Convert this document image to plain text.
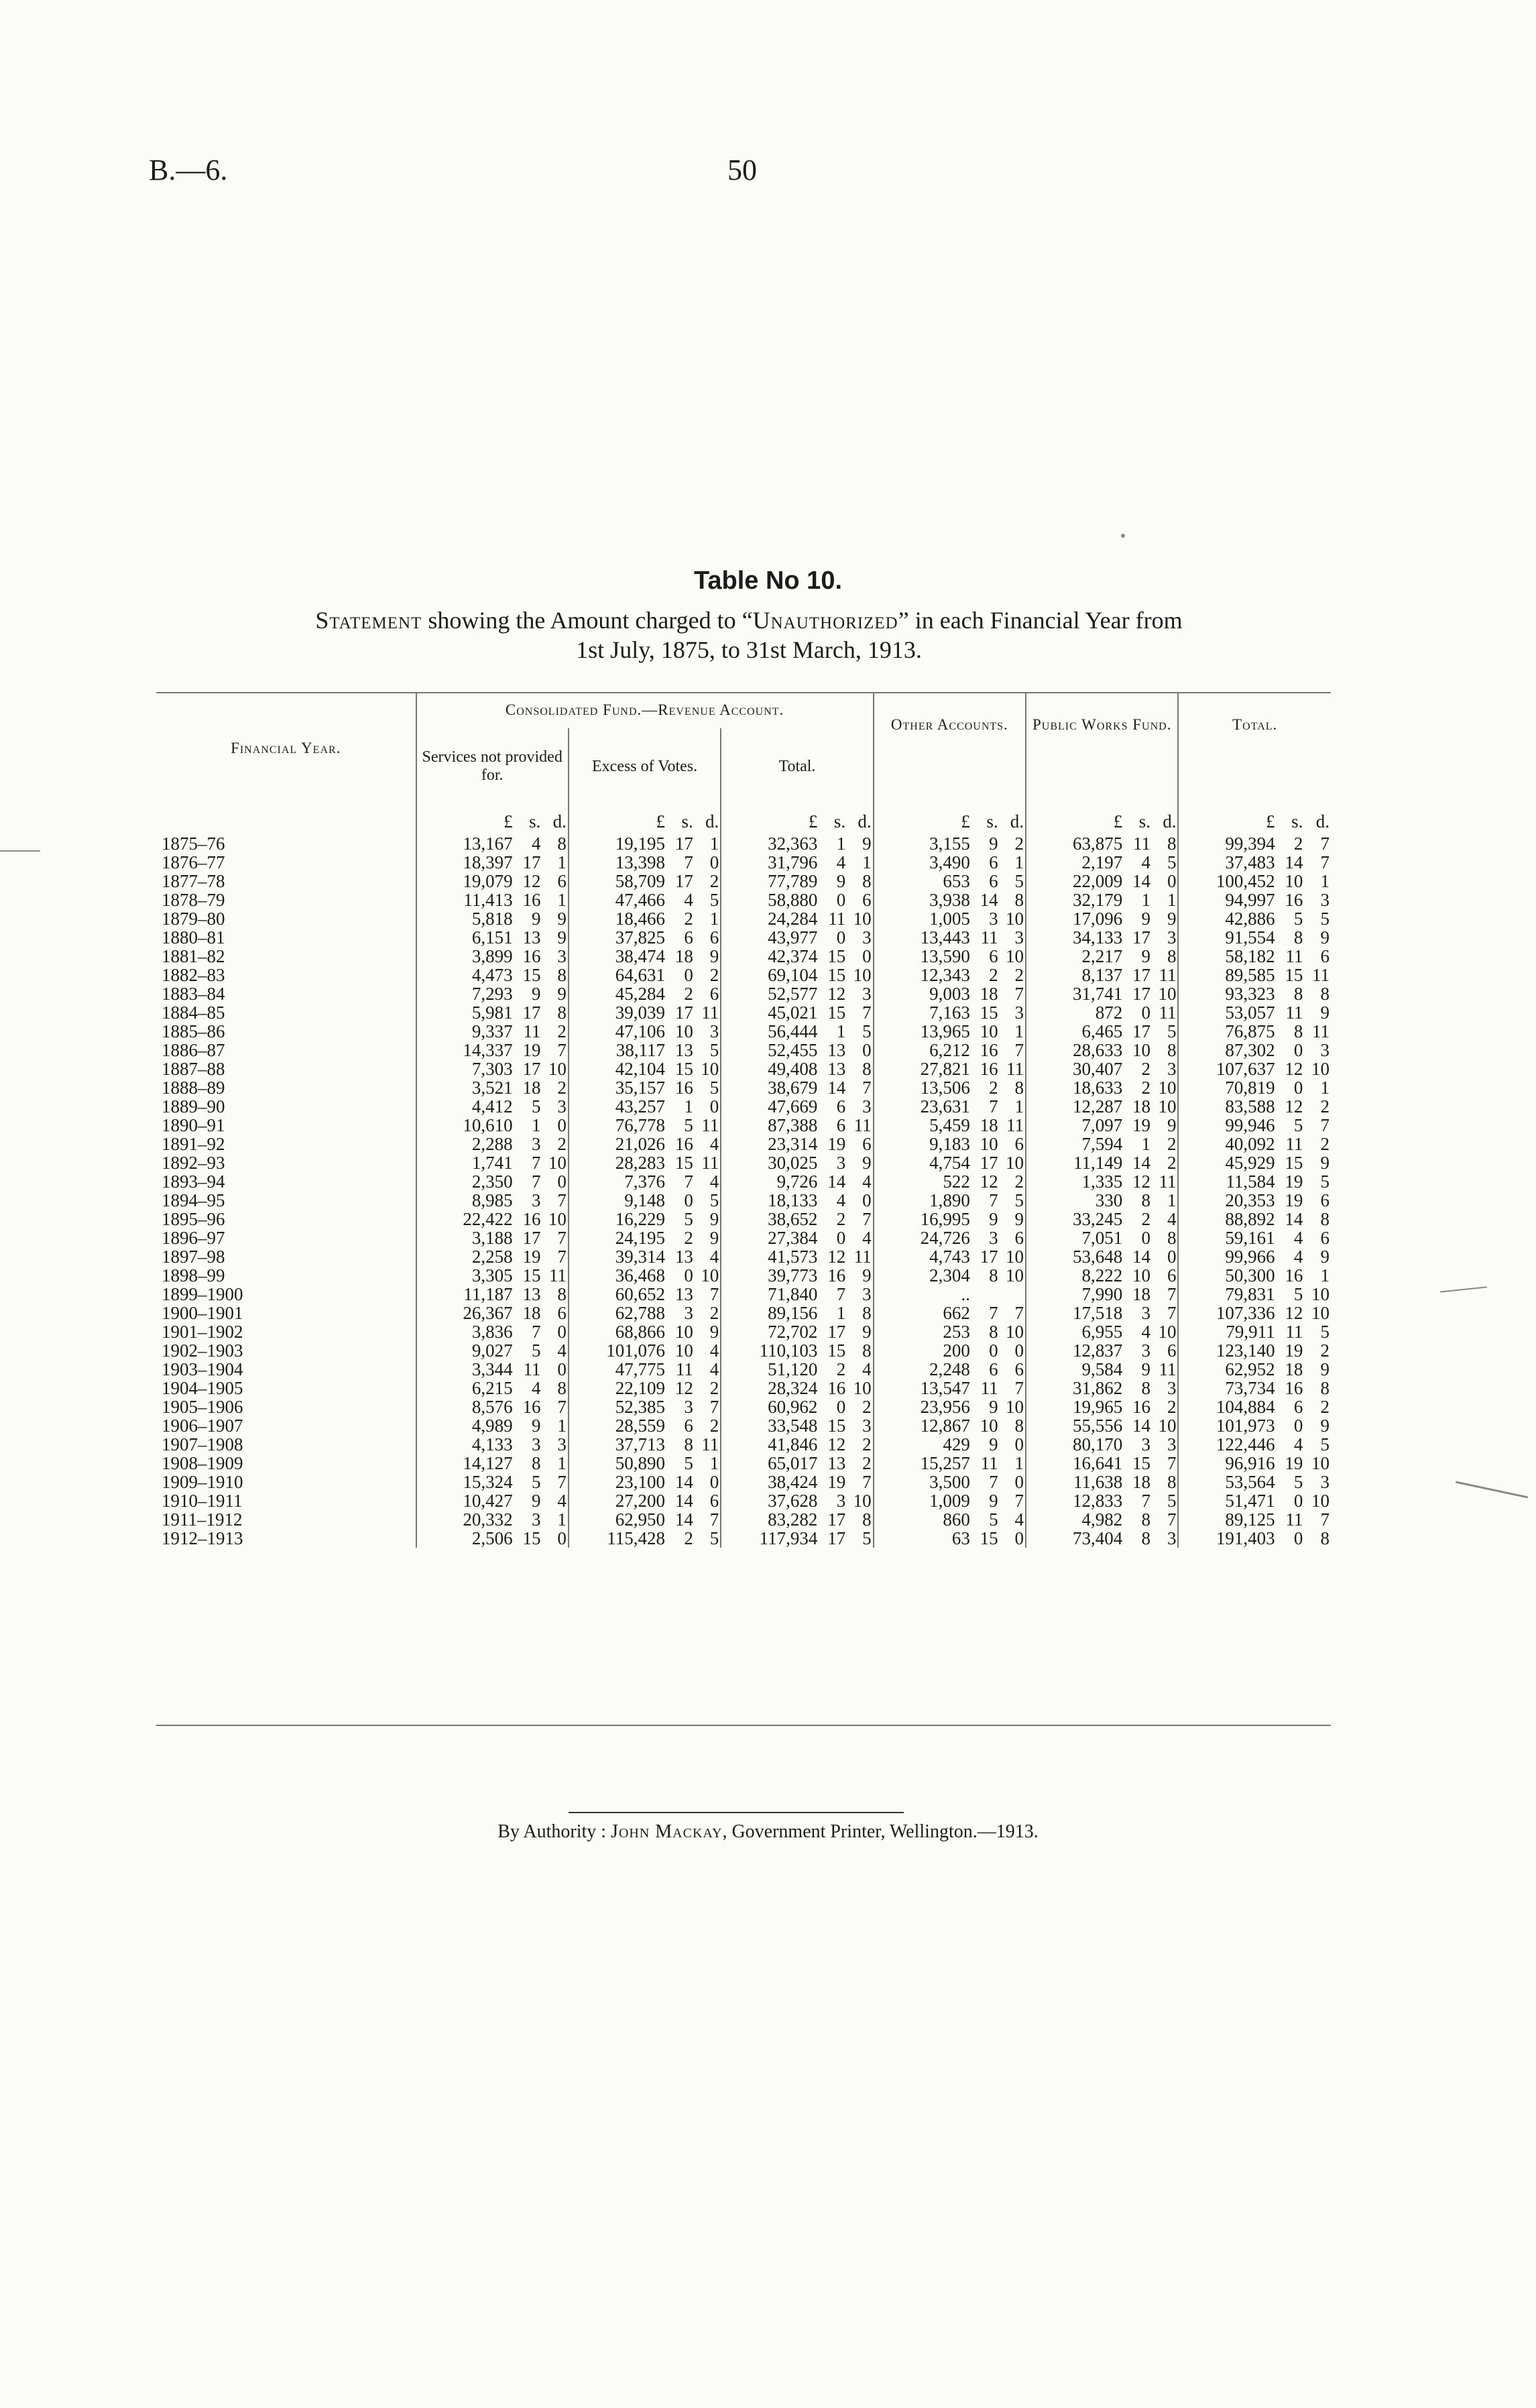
B.—6.	50
Table No 10.
Statement showing the Amount charged to “Unauthorized” in each Financial Year from
1st July, 1875, to 31st March, 1913.
Financial Year.	Consolidated Fund.—Revenue Account.									Other Accounts.			Public Works Fund.			Total.		
	Services not provided for.			Excess of Votes.			Total.											

	£	s.	d.	£	s.	d.	£	s.	d.	£	s.	d.	£	s.	d.	£	s.	d.
1875–76	13,167	4	8	19,195	17	1	32,363	1	9	3,155	9	2	63,875	11	8	99,394	2	7
1876–77	18,397	17	1	13,398	7	0	31,796	4	1	3,490	6	1	2,197	4	5	37,483	14	7
1877–78	19,079	12	6	58,709	17	2	77,789	9	8	653	6	5	22,009	14	0	100,452	10	1
1878–79	11,413	16	1	47,466	4	5	58,880	0	6	3,938	14	8	32,179	1	1	94,997	16	3
1879–80	5,818	9	9	18,466	2	1	24,284	11	10	1,005	3	10	17,096	9	9	42,886	5	5
1880–81	6,151	13	9	37,825	6	6	43,977	0	3	13,443	11	3	34,133	17	3	91,554	8	9
1881–82	3,899	16	3	38,474	18	9	42,374	15	0	13,590	6	10	2,217	9	8	58,182	11	6
1882–83	4,473	15	8	64,631	0	2	69,104	15	10	12,343	2	2	8,137	17	11	89,585	15	11
1883–84	7,293	9	9	45,284	2	6	52,577	12	3	9,003	18	7	31,741	17	10	93,323	8	8
1884–85	5,981	17	8	39,039	17	11	45,021	15	7	7,163	15	3	872	0	11	53,057	11	9
1885–86	9,337	11	2	47,106	10	3	56,444	1	5	13,965	10	1	6,465	17	5	76,875	8	11
1886–87	14,337	19	7	38,117	13	5	52,455	13	0	6,212	16	7	28,633	10	8	87,302	0	3
1887–88	7,303	17	10	42,104	15	10	49,408	13	8	27,821	16	11	30,407	2	3	107,637	12	10
1888–89	3,521	18	2	35,157	16	5	38,679	14	7	13,506	2	8	18,633	2	10	70,819	0	1
1889–90	4,412	5	3	43,257	1	0	47,669	6	3	23,631	7	1	12,287	18	10	83,588	12	2
1890–91	10,610	1	0	76,778	5	11	87,388	6	11	5,459	18	11	7,097	19	9	99,946	5	7
1891–92	2,288	3	2	21,026	16	4	23,314	19	6	9,183	10	6	7,594	1	2	40,092	11	2
1892–93	1,741	7	10	28,283	15	11	30,025	3	9	4,754	17	10	11,149	14	2	45,929	15	9
1893–94	2,350	7	0	7,376	7	4	9,726	14	4	522	12	2	1,335	12	11	11,584	19	5
1894–95	8,985	3	7	9,148	0	5	18,133	4	0	1,890	7	5	330	8	1	20,353	19	6
1895–96	22,422	16	10	16,229	5	9	38,652	2	7	16,995	9	9	33,245	2	4	88,892	14	8
1896–97	3,188	17	7	24,195	2	9	27,384	0	4	24,726	3	6	7,051	0	8	59,161	4	6
1897–98	2,258	19	7	39,314	13	4	41,573	12	11	4,743	17	10	53,648	14	0	99,966	4	9
1898–99	3,305	15	11	36,468	0	10	39,773	16	9	2,304	8	10	8,222	10	6	50,300	16	1
1899–1900	11,187	13	8	60,652	13	7	71,840	7	3	..			7,990	18	7	79,831	5	10
1900–1901	26,367	18	6	62,788	3	2	89,156	1	8	662	7	7	17,518	3	7	107,336	12	10
1901–1902	3,836	7	0	68,866	10	9	72,702	17	9	253	8	10	6,955	4	10	79,911	11	5
1902–1903	9,027	5	4	101,076	10	4	110,103	15	8	200	0	0	12,837	3	6	123,140	19	2
1903–1904	3,344	11	0	47,775	11	4	51,120	2	4	2,248	6	6	9,584	9	11	62,952	18	9
1904–1905	6,215	4	8	22,109	12	2	28,324	16	10	13,547	11	7	31,862	8	3	73,734	16	8
1905–1906	8,576	16	7	52,385	3	7	60,962	0	2	23,956	9	10	19,965	16	2	104,884	6	2
1906–1907	4,989	9	1	28,559	6	2	33,548	15	3	12,867	10	8	55,556	14	10	101,973	0	9
1907–1908	4,133	3	3	37,713	8	11	41,846	12	2	429	9	0	80,170	3	3	122,446	4	5
1908–1909	14,127	8	1	50,890	5	1	65,017	13	2	15,257	11	1	16,641	15	7	96,916	19	10
1909–1910	15,324	5	7	23,100	14	0	38,424	19	7	3,500	7	0	11,638	18	8	53,564	5	3
1910–1911	10,427	9	4	27,200	14	6	37,628	3	10	1,009	9	7	12,833	7	5	51,471	0	10
1911–1912	20,332	3	1	62,950	14	7	83,282	17	8	860	5	4	4,982	8	7	89,125	11	7
1912–1913	2,506	15	0	115,428	2	5	117,934	17	5	63	15	0	73,404	8	3	191,403	0	8
By Authority : John Mackay, Government Printer, Wellington.—1913.
